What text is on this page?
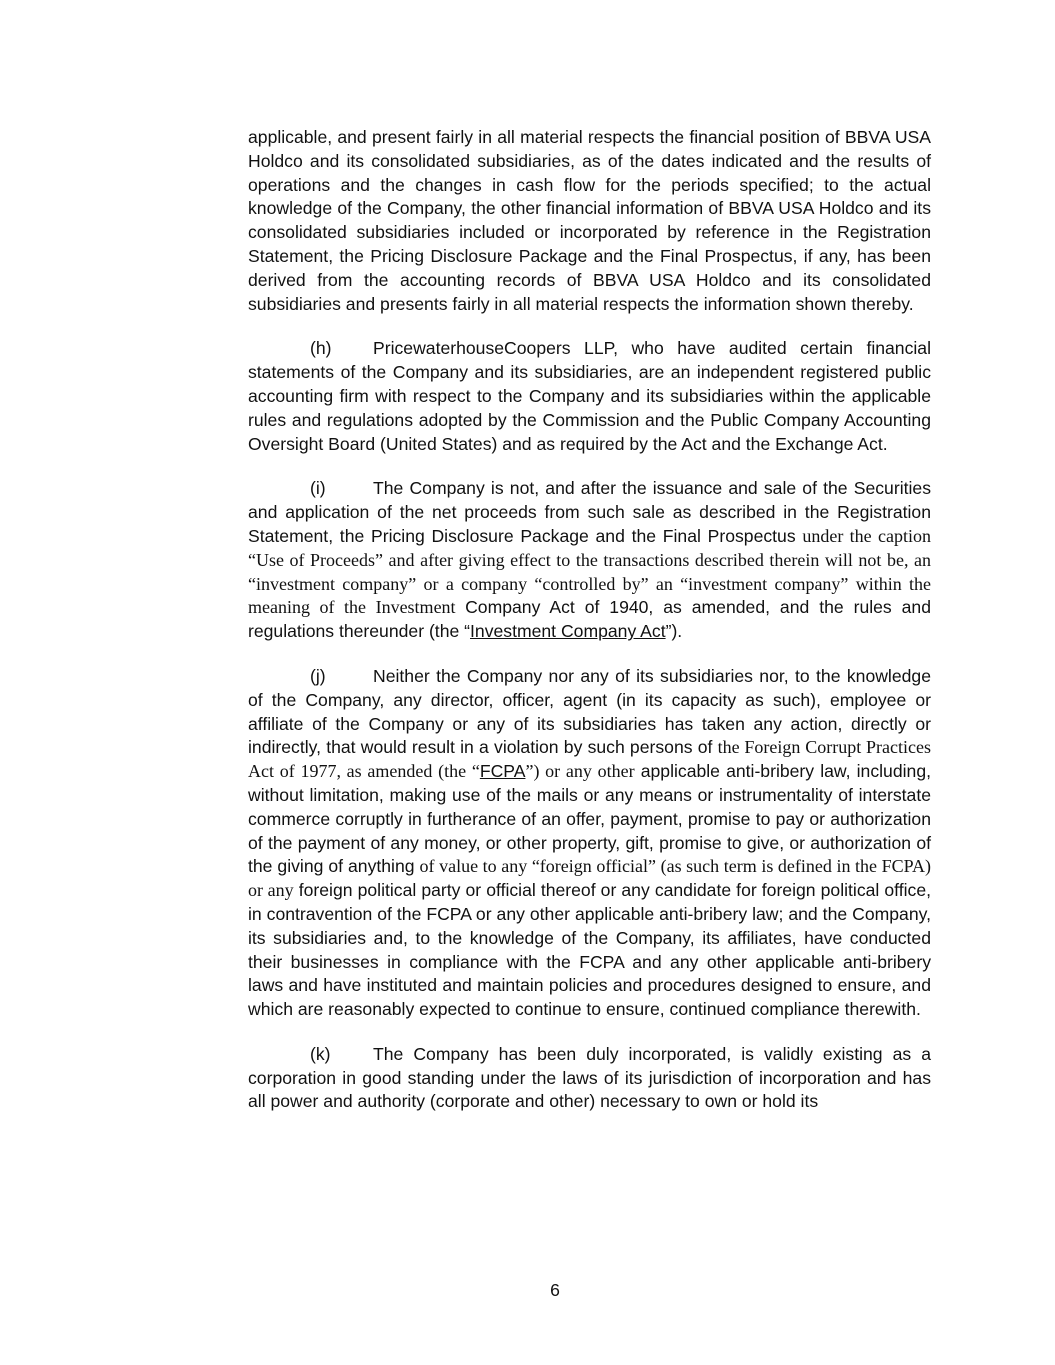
applicable, and present fairly in all material respects the financial position of BBVA USA Holdco and its consolidated subsidiaries, as of the dates indicated and the results of operations and the changes in cash flow for the periods specified; to the actual knowledge of the Company, the other financial information of BBVA USA Holdco and its consolidated subsidiaries included or incorporated by reference in the Registration Statement, the Pricing Disclosure Package and the Final Prospectus, if any, has been derived from the accounting records of BBVA USA Holdco and its consolidated subsidiaries and presents fairly in all material respects the information shown thereby.

(h) PricewaterhouseCoopers LLP, who have audited certain financial statements of the Company and its subsidiaries, are an independent registered public accounting firm with respect to the Company and its subsidiaries within the applicable rules and regulations adopted by the Commission and the Public Company Accounting Oversight Board (United States) and as required by the Act and the Exchange Act.

(i)	The Company is not, and after the issuance and sale of the Securities and application of the net proceeds from such sale as described in the Registration Statement, the Pricing Disclosure Package and the Final Prospectus under the caption “Use of Proceeds” and after giving effect to the transactions described therein will not be, an “investment company” or a company “controlled by” an “investment company” within the meaning of the Investment Company Act of 1940, as amended, and the rules and regulations thereunder (the “Investment Company Act”).

(j)	Neither the Company nor any of its subsidiaries nor, to the knowledge of the Company, any director, officer, agent (in its capacity as such), employee or affiliate of the Company or any of its subsidiaries has taken any action, directly or indirectly, that would result in a violation by such persons of the Foreign Corrupt Practices Act of 1977, as amended (the “FCPA”) or any other applicable anti-bribery law, including, without limitation, making use of the mails or any means or instrumentality of interstate commerce corruptly in furtherance of an offer, payment, promise to pay or authorization of the payment of any money, or other property, gift, promise to give, or authorization of the giving of anything of value to any “foreign official” (as such term is defined in the FCPA) or any foreign political party or official thereof or any candidate for foreign political office, in contravention of the FCPA or any other applicable anti-bribery law; and the Company, its subsidiaries and, to the knowledge of the Company, its affiliates, have conducted their businesses in compliance with the FCPA and any other applicable anti-bribery laws and have instituted and maintain policies and procedures designed to ensure, and which are reasonably expected to continue to ensure, continued compliance therewith.

(k) The Company has been duly incorporated, is validly existing as a corporation in good standing under the laws of its jurisdiction of incorporation and has all power and authority (corporate and other) necessary to own or hold its

6
